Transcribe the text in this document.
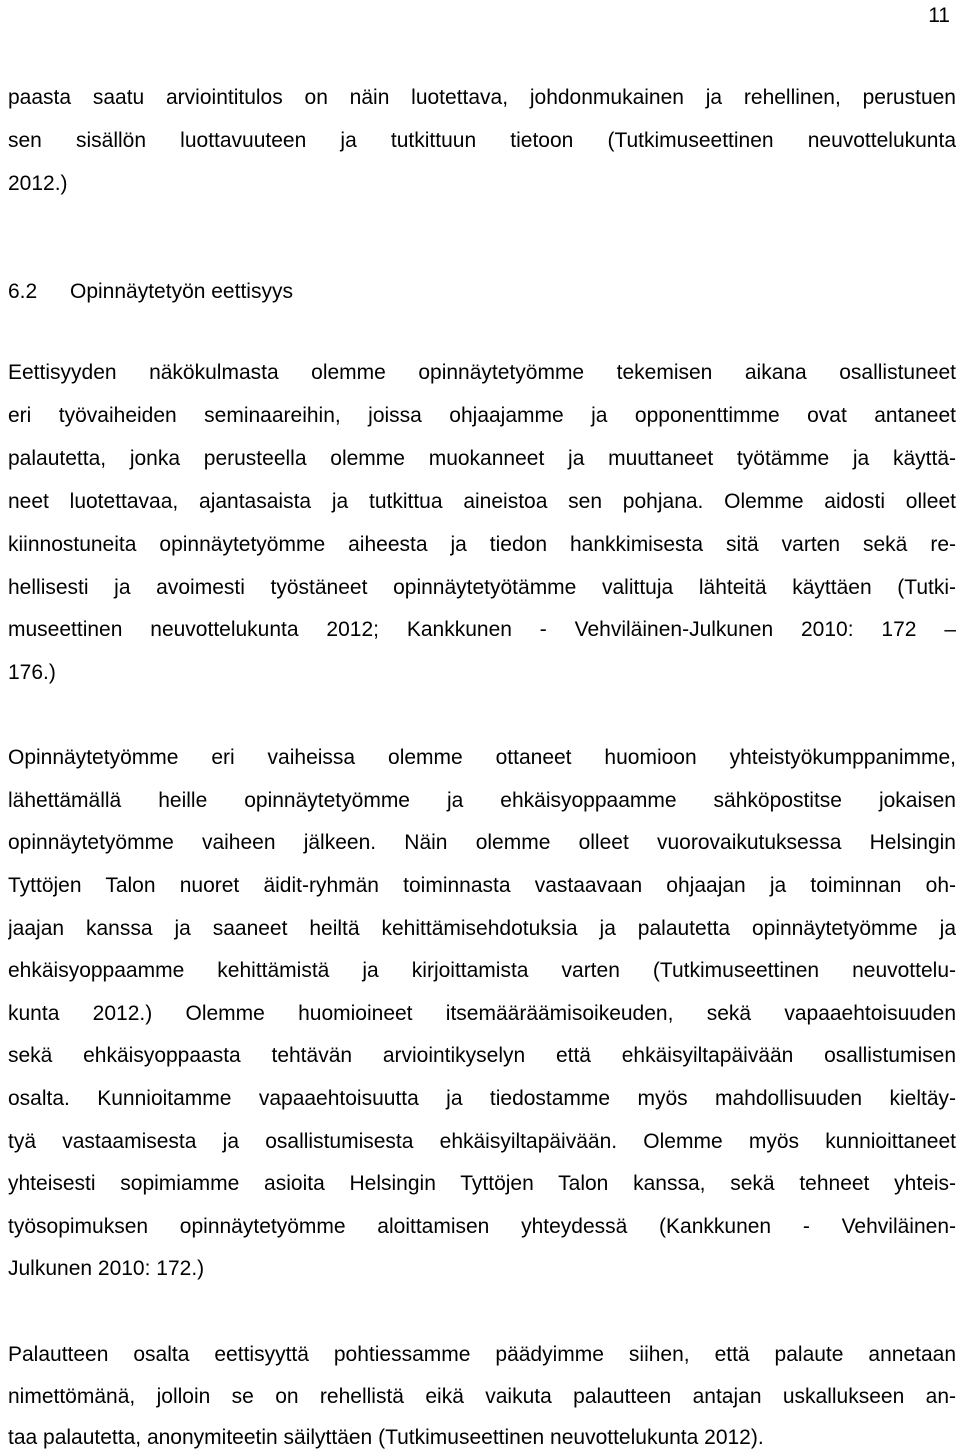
11
paasta saatu arviointitulos on näin luotettava, johdonmukainen ja rehellinen, perustuen
sen sisällön luottavuuteen ja tutkittuun tietoon (Tutkimuseettinen neuvottelukunta
2012.)
6.2 Opinnäytetyön eettisyys
Eettisyyden näkökulmasta olemme opinnäytetyömme tekemisen aikana osallistuneet
eri työvaiheiden seminaareihin, joissa ohjaajamme ja opponenttimme ovat antaneet
palautetta, jonka perusteella olemme muokanneet ja muuttaneet työtämme ja käyttä-
neet luotettavaa, ajantasaista ja tutkittua aineistoa sen pohjana. Olemme aidosti olleet
kiinnostuneita opinnäytetyömme aiheesta ja tiedon hankkimisesta sitä varten sekä re-
hellisesti ja avoimesti työstäneet opinnäytetyötämme valittuja lähteitä käyttäen (Tutki-
museettinen neuvottelukunta 2012; Kankkunen - Vehviläinen-Julkunen 2010: 172 –
176.)
Opinnäytetyömme eri vaiheissa olemme ottaneet huomioon yhteistyökumppanimme,
lähettämällä heille opinnäytetyömme ja ehkäisyoppaamme sähköpostitse jokaisen
opinnäytetyömme vaiheen jälkeen. Näin olemme olleet vuorovaikutuksessa Helsingin
Tyttöjen Talon nuoret äidit-ryhmän toiminnasta vastaavaan ohjaajan ja toiminnan oh-
jaajan kanssa ja saaneet heiltä kehittämisehdotuksia ja palautetta opinnäytetyömme ja
ehkäisyoppaamme kehittämistä ja kirjoittamista varten (Tutkimuseettinen neuvottelu-
kunta 2012.) Olemme huomioineet itsemääräämisoikeuden, sekä vapaaehtoisuuden
sekä ehkäisyoppaasta tehtävän arviointikyselyn että ehkäisyiltapäivään osallistumisen
osalta. Kunnioitamme vapaaehtoisuutta ja tiedostamme myös mahdollisuuden kieltäy-
tyä vastaamisesta ja osallistumisesta ehkäisyiltapäivään. Olemme myös kunnioittaneet
yhteisesti sopimiamme asioita Helsingin Tyttöjen Talon kanssa, sekä tehneet yhteis-
työsopimuksen opinnäytetyömme aloittamisen yhteydessä (Kankkunen - Vehviläinen-
Julkunen 2010: 172.)
Palautteen osalta eettisyyttä pohtiessamme päädyimme siihen, että palaute annetaan
nimettömänä, jolloin se on rehellistä eikä vaikuta palautteen antajan uskallukseen an-
taa palautetta, anonymiteetin säilyttäen (Tutkimuseettinen neuvottelukunta 2012).
